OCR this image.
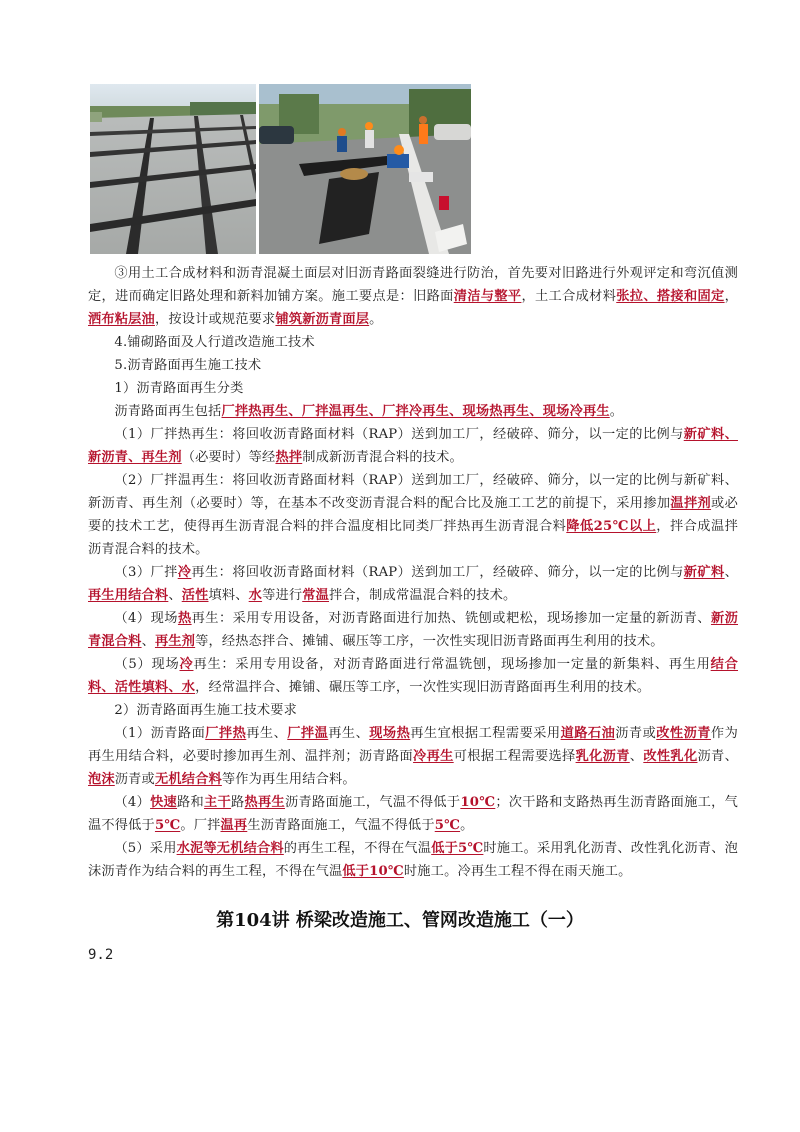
③用土工合成材料和沥青混凝土面层对旧沥青路面裂缝进行防治，首先要对旧路进行外观评定和弯沉值测定，进而确定旧路处理和新料加铺方案。施工要点是：旧路面清洁与整平，土工合成材料张拉、搭接和固定，洒布粘层油，按设计或规范要求铺筑新沥青面层。

4.铺砌路面及人行道改造施工技术

5.沥青路面再生施工技术

1）沥青路面再生分类

沥青路面再生包括厂拌热再生、厂拌温再生、厂拌冷再生、现场热再生、现场冷再生。

（1）厂拌热再生：将回收沥青路面材料（RAP）送到加工厂，经破碎、筛分，以一定的比例与新矿料、新沥青、再生剂（必要时）等经热拌制成新沥青混合料的技术。

（2）厂拌温再生：将回收沥青路面材料（RAP）送到加工厂，经破碎、筛分，以一定的比例与新矿料、新沥青、再生剂（必要时）等，在基本不改变沥青混合料的配合比及施工工艺的前提下，采用掺加温拌剂或必要的技术工艺，使得再生沥青混合料的拌合温度相比同类厂拌热再生沥青混合料降低25℃以上，拌合成温拌沥青混合料的技术。

（3）厂拌冷再生：将回收沥青路面材料（RAP）送到加工厂，经破碎、筛分，以一定的比例与新矿料、再生用结合料、活性填料、水等进行常温拌合，制成常温混合料的技术。

（4）现场热再生：采用专用设备，对沥青路面进行加热、铣刨或耙松，现场掺加一定量的新沥青、新沥青混合料、再生剂等，经热态拌合、摊铺、碾压等工序，一次性实现旧沥青路面再生利用的技术。

（5）现场冷再生：采用专用设备，对沥青路面进行常温铣刨，现场掺加一定量的新集料、再生用结合料、活性填料、水，经常温拌合、摊铺、碾压等工序，一次性实现旧沥青路面再生利用的技术。

2）沥青路面再生施工技术要求

（1）沥青路面厂拌热再生、厂拌温再生、现场热再生宜根据工程需要采用道路石油沥青或改性沥青作为再生用结合料，必要时掺加再生剂、温拌剂；沥青路面冷再生可根据工程需要选择乳化沥青、改性乳化沥青、泡沫沥青或无机结合料等作为再生用结合料。

（4）快速路和主干路热再生沥青路面施工，气温不得低于10℃；次干路和支路热再生沥青路面施工，气温不得低于5℃。厂拌温再生沥青路面施工，气温不得低于5℃。

（5）采用水泥等无机结合料的再生工程，不得在气温低于5℃时施工。采用乳化沥青、改性乳化沥青、泡沫沥青作为结合料的再生工程，不得在气温低于10℃时施工。冷再生工程不得在雨天施工。

第104讲 桥梁改造施工、管网改造施工（一）
9.2
